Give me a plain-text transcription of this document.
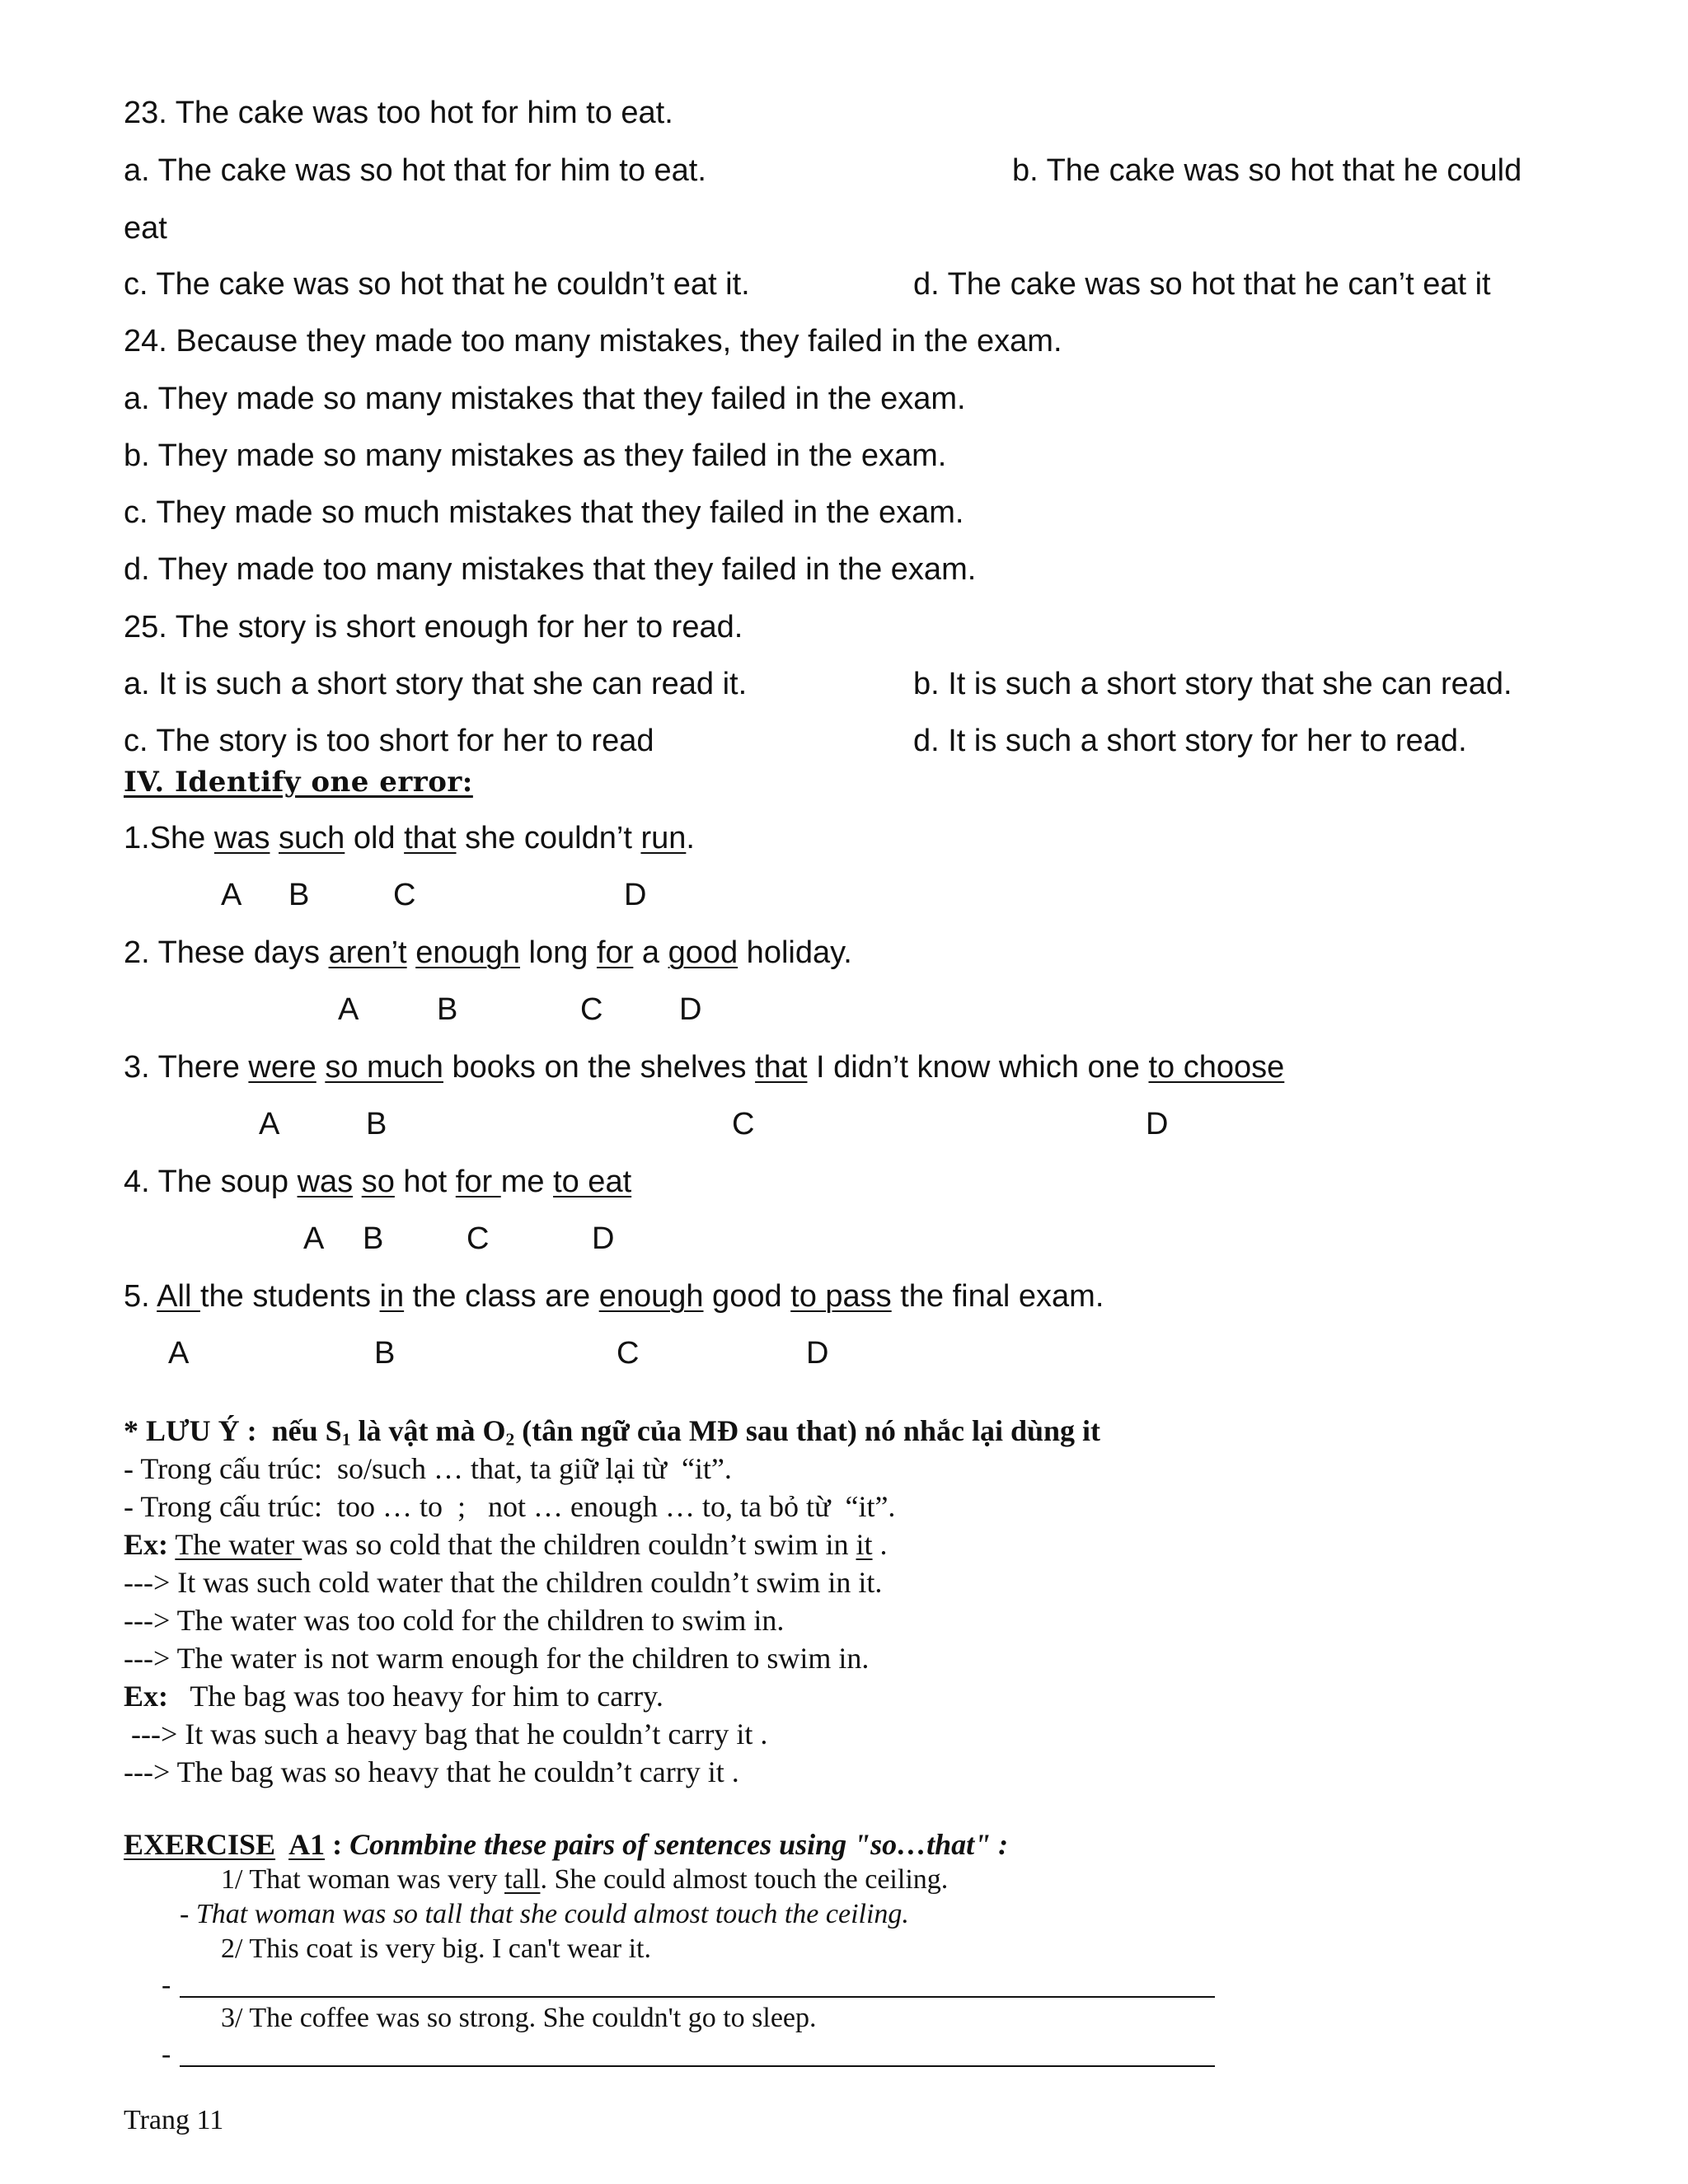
23. The cake was too hot for him to eat.
a. The cake was so hot that for him to eat.	b. The cake was so hot that he could
eat
c. The cake was so hot that he couldn’t eat it.	d. The cake was so hot that he can’t eat it
24. Because they made too many mistakes, they failed in the exam.
a. They made so many mistakes that they failed in the exam.
b. They made so many mistakes as they failed in the exam.
c. They made so much mistakes that they failed in the exam.
d. They made too many mistakes that they failed in the exam.
25. The story is short enough for her to read.
a. It is such a short story that she can read it.	b. It is such a short story that she can read.
c. The story is too short for her to read	d. It is such a short story for her to read.
IV. Identify one error:
1.She was such old that she couldn’t run.
A B	C	D
2. These days aren’t enough long for a good holiday.
A B	C D
3. There were so much books on the shelves that I didn’t know which one to choose
A	B	C	D
4. The soup was so hot for me to eat
A B	C	D
5. All the students in the class are enough good to pass the final exam.
A	B	C	D
* LƯU Ý :  nếu $S_1$ là vật mà $O_2$ (tân ngữ của MĐ sau that) nó nhắc lại dùng it
- Trong cấu trúc:  so/such … that, ta giữ lại từ  “it”.
- Trong cấu trúc:  too … to  ;   not … enough … to, ta bỏ từ  “it”.
Ex: The water was so cold that the children couldn’t swim in it .
---> It was such cold water that the children couldn’t swim in it.
---> The water was too cold for the children to swim in.
---> The water is not warm enough for the children to swim in.
Ex:   The bag was too heavy for him to carry.
---> It was such a heavy bag that he couldn’t carry it .
---> The bag was so heavy that he couldn’t carry it .
EXERCISE A1 : Conmbine these pairs of sentences using "so…that" :
1/ That woman was very tall. She could almost touch the ceiling.
- That woman was so tall that she could almost touch the ceiling.
2/ This coat is very big. I can't wear it.
-
3/ The coffee was so strong. She couldn't go to sleep.
-
Trang 11
